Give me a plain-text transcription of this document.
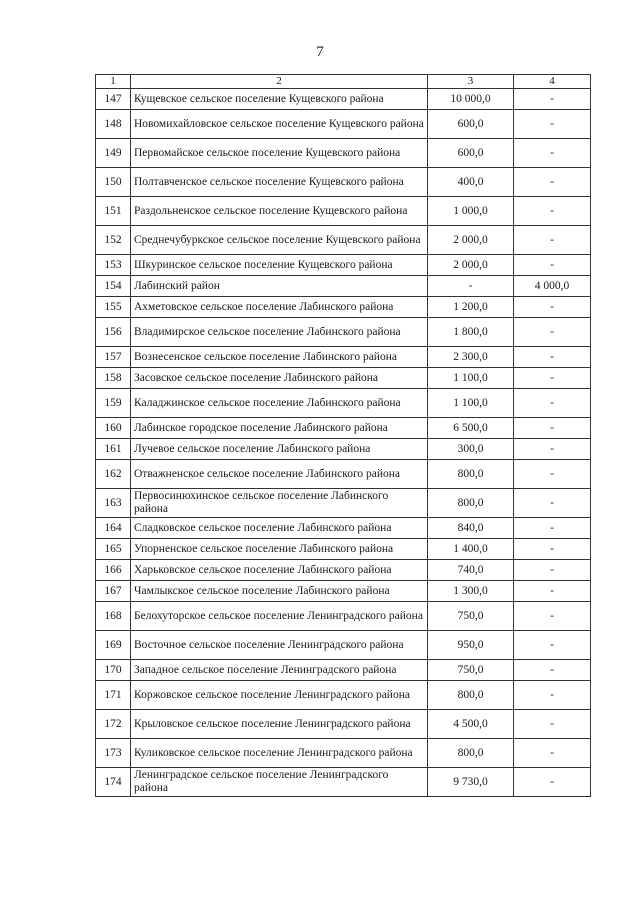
7
1	2	3	4
147	Кущевское сельское поселение Кущевского района	10 000,0	-
148	Новомихайловское сельское поселение Кущевского района	600,0	-
149	Первомайское сельское поселение Кущевского района	600,0	-
150	Полтавченское сельское поселение Кущевского района	400,0	-
151	Раздольненское сельское поселение Кущевского района	1 000,0	-
152	Среднечубуркское сельское поселение Кущевского района	2 000,0	-
153	Шкуринское сельское поселение Кущевского района	2 000,0	-
154	Лабинский район	-	4 000,0
155	Ахметовское сельское поселение Лабинского района	1 200,0	-
156	Владимирское сельское поселение Лабинского района	1 800,0	-
157	Вознесенское сельское поселение Лабинского района	2 300,0	-
158	Засовское сельское поселение Лабинского района	1 100,0	-
159	Каладжинское сельское поселение Лабинского района	1 100,0	-
160	Лабинское городское поселение Лабинского района	6 500,0	-
161	Лучевое сельское поселение Лабинского района	300,0	-
162	Отважненское сельское поселение Лабинского района	800,0	-
163	Первосинюхинское сельское поселение Лабинского района	800,0	-
164	Сладковское сельское поселение Лабинского района	840,0	-
165	Упорненское сельское поселение Лабинского района	1 400,0	-
166	Харьковское сельское поселение Лабинского района	740,0	-
167	Чамлыкское сельское поселение Лабинского района	1 300,0	-
168	Белохуторское сельское поселение Ленинградского района	750,0	-
169	Восточное сельское поселение Ленинградского района	950,0	-
170	Западное сельское поселение Ленинградского района	750,0	-
171	Коржовское сельское поселение Ленинградского района	800,0	-
172	Крыловское сельское поселение Ленинградского района	4 500,0	-
173	Куликовское сельское поселение Ленинградского района	800,0	-
174	Ленинградское сельское поселение Ленинградского района	9 730,0	-
